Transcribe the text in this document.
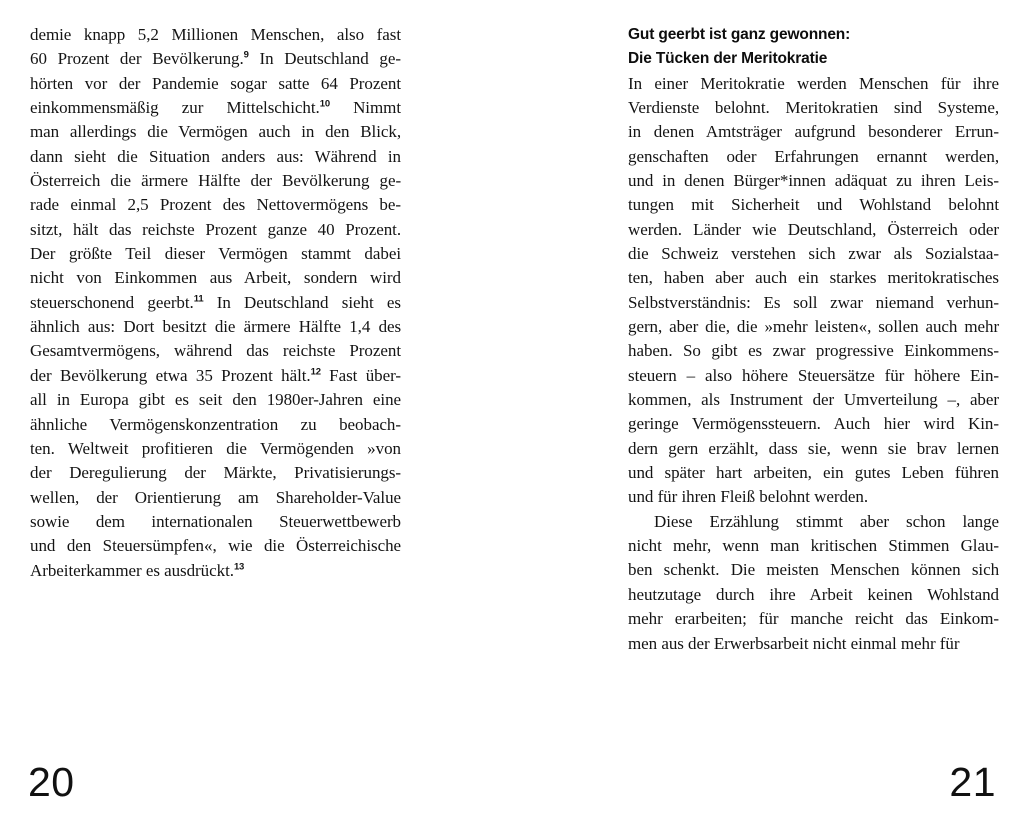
demie knapp 5,2 Millionen Menschen, also fast
60 Prozent der Bevölkerung.$^9$ In Deutschland ge-
hörten vor der Pandemie sogar satte 64 Prozent
einkommensmäßig zur Mittelschicht.$^{10}$ Nimmt
man allerdings die Vermögen auch in den Blick,
dann sieht die Situation anders aus: Während in
Österreich die ärmere Hälfte der Bevölkerung ge-
rade einmal 2,5 Prozent des Nettovermögens be-
sitzt, hält das reichste Prozent ganze 40 Prozent.
Der größte Teil dieser Vermögen stammt dabei
nicht von Einkommen aus Arbeit, sondern wird
steuerschonend geerbt.$^{11}$ In Deutschland sieht es
ähnlich aus: Dort besitzt die ärmere Hälfte 1,4 des
Gesamtvermögens, während das reichste Prozent
der Bevölkerung etwa 35 Prozent hält.$^{12}$ Fast über-
all in Europa gibt es seit den 1980er-Jahren eine
ähnliche Vermögenskonzentration zu beobach-
ten. Weltweit profitieren die Vermögenden »von
der Deregulierung der Märkte, Privatisierungs-
wellen, der Orientierung am Shareholder-Value
sowie dem internationalen Steuerwettbewerb
und den Steuersümpfen«, wie die Österreichische
Arbeiterkammer es ausdrückt.$^{13}$

20
Gut geerbt ist ganz gewonnen:
Die Tücken der Meritokratie

In einer Meritokratie werden Menschen für ihre
Verdienste belohnt. Meritokratien sind Systeme,
in denen Amtsträger aufgrund besonderer Errun-
genschaften oder Erfahrungen ernannt werden,
und in denen Bürger*innen adäquat zu ihren Leis-
tungen mit Sicherheit und Wohlstand belohnt
werden. Länder wie Deutschland, Österreich oder
die Schweiz verstehen sich zwar als Sozialstaa-
ten, haben aber auch ein starkes meritokratisches
Selbstverständnis: Es soll zwar niemand verhun-
gern, aber die, die »mehr leisten«, sollen auch mehr
haben. So gibt es zwar progressive Einkommens-
steuern – also höhere Steuersätze für höhere Ein-
kommen, als Instrument der Umverteilung –, aber
geringe Vermögenssteuern. Auch hier wird Kin-
dern gern erzählt, dass sie, wenn sie brav lernen
und später hart arbeiten, ein gutes Leben führen
und für ihren Fleiß belohnt werden.

Diese Erzählung stimmt aber schon lange
nicht mehr, wenn man kritischen Stimmen Glau-
ben schenkt. Die meisten Menschen können sich
heutzutage durch ihre Arbeit keinen Wohlstand
mehr erarbeiten; für manche reicht das Einkom-
men aus der Erwerbsarbeit nicht einmal mehr für

21
